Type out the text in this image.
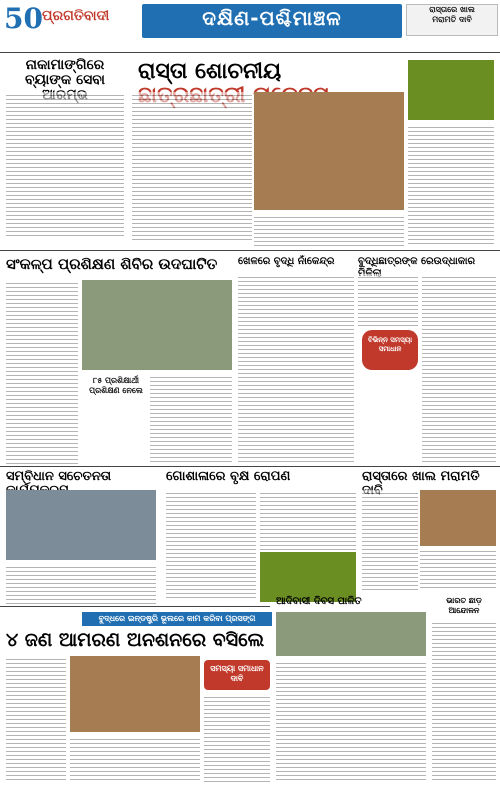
50 ପ୍ରଗତିବାଦୀ	ଦକ୍ଷିଣ-ପଶ୍ଚିମାଞ୍ଚଳ	ରାସ୍ତାରେ ଖାଲ
ମରାମତି ଦାବି
ନାକାମାଙ୍ଗିରେ ବ୍ୟାଙ୍କ ସେବା	ରାସ୍ତା ଶୋଚନୀୟ
ସଂକଳ୍ପ ପ୍ରଶିକ୍ଷଣ ଶିବିର ଉଦଘାଟିତ
୮୫ ପ୍ରଶିକ୍ଷାର୍ଥୀ ପ୍ରଶିକ୍ଷଣ ନେଲେ
ଖେଳରେ ବୃଦ୍ଧି ନାଁକେନ୍ଦ୍ର	ବୁଦ୍ଧିଛାତ୍ରଙ୍କ ରେଉଦ୍ଧାକାର
ବିଭିନ୍ନ ସମସ୍ୟା ସମାଧାନ
ସମ୍ବିଧାନ ସଚେତନତା	ଗୋଶାଳାରେ ବୃକ୍ଷ ରୋପଣ	ରାସ୍ତାରେ ଖାଲ ମରାମତି
ଆଦିବାସୀ ଦିବସ ପାଳିତ	ଭାରତ ଛାଡ଼ ଆନ୍ଦୋଳନ
ବୁଦ୍ଧରେ ଇନ୍‌ଡଷ୍ଟ୍ରି ଭୂଲରେ କାମ କରିବା ପ୍ରସଙ୍ଗ
୪ ଜଣ ଆମରଣ ଅନଶନରେ ବସିଲେ
ସମସ୍ୟା ସମାଧାନ ଦାବି
